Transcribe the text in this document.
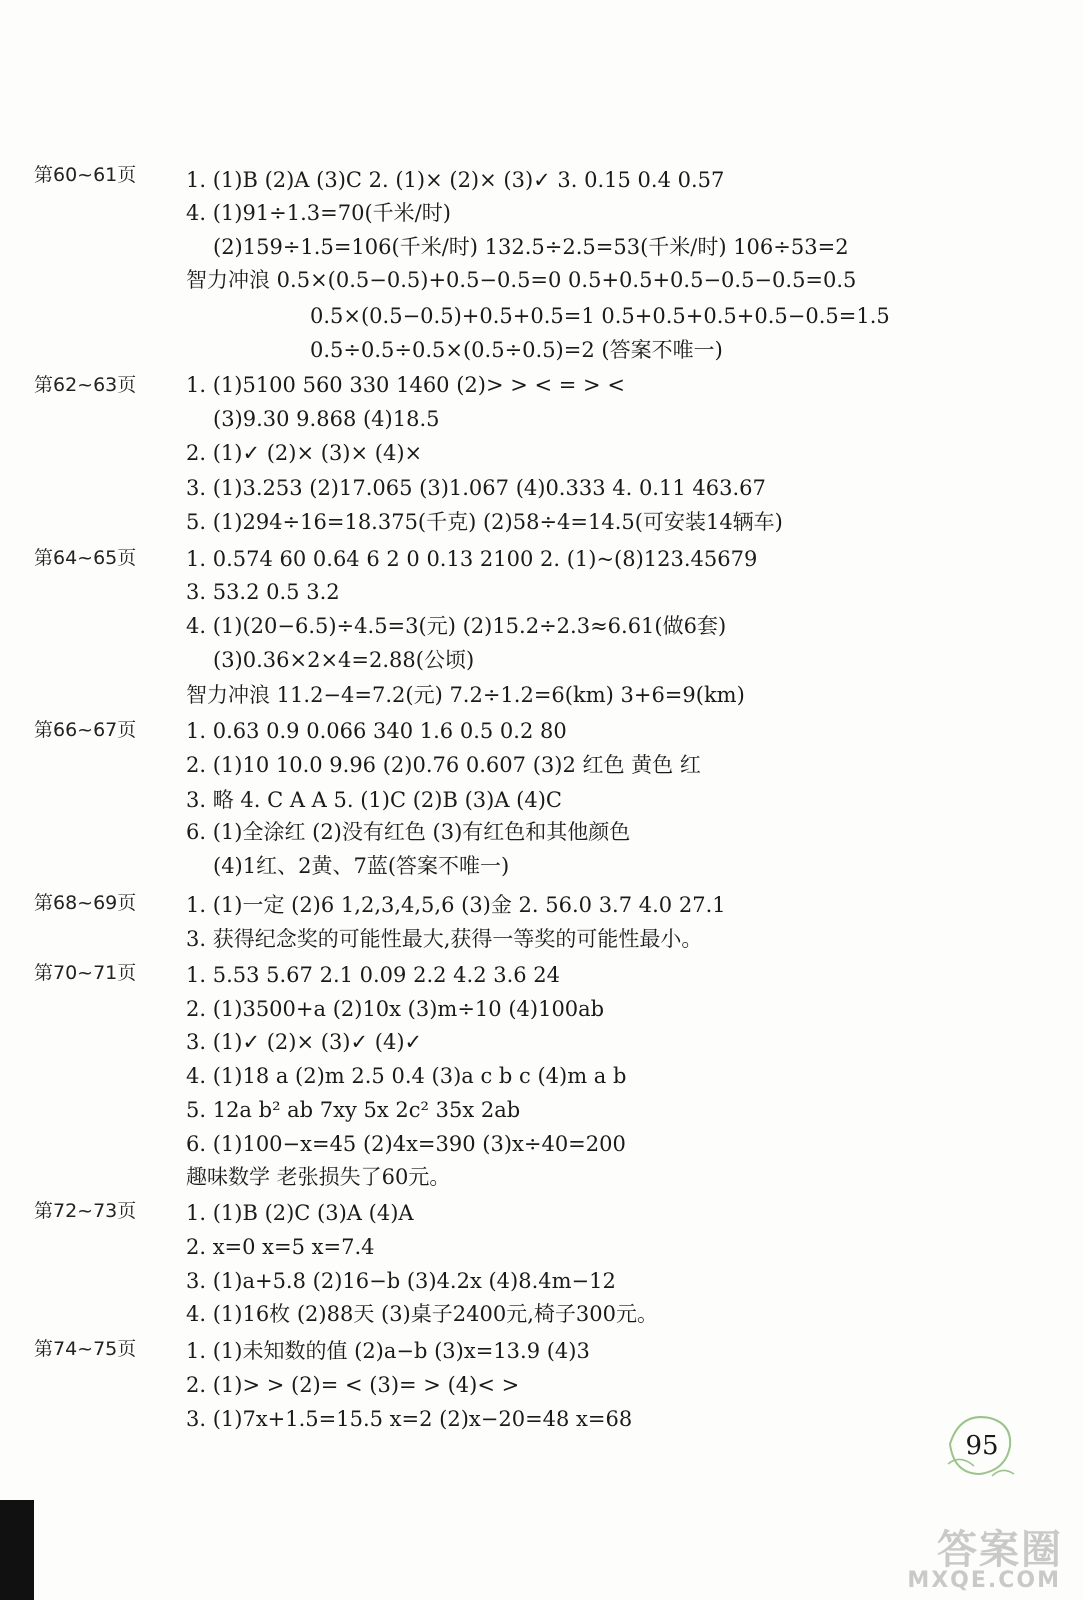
第60~61页
第62~63页
第64~65页
第66~67页
第68~69页
第70~71页
第72~73页
第74~75页
1. (1)B (2)A (3)C 2. (1)× (2)× (3)✓ 3. 0.15 0.4 0.57
4. (1)91÷1.3=70(千米/时)
(2)159÷1.5=106(千米/时) 132.5÷2.5=53(千米/时) 106÷53=2
智力冲浪 0.5×(0.5−0.5)+0.5−0.5=0 0.5+0.5+0.5−0.5−0.5=0.5
0.5×(0.5−0.5)+0.5+0.5=1 0.5+0.5+0.5+0.5−0.5=1.5
0.5÷0.5÷0.5×(0.5÷0.5)=2 (答案不唯一)
1. (1)5100 560 330 1460 (2)> > < = > <
(3)9.30 9.868 (4)18.5
2. (1)✓ (2)× (3)× (4)×
3. (1)3.253 (2)17.065 (3)1.067 (4)0.333 4. 0.11 463.67
5. (1)294÷16=18.375(千克) (2)58÷4=14.5(可安装14辆车)
1. 0.574 60 0.64 6 2 0 0.13 2100 2. (1)~(8)123.45679
3. 53.2 0.5 3.2
4. (1)(20−6.5)÷4.5=3(元) (2)15.2÷2.3≈6.61(做6套)
(3)0.36×2×4=2.88(公顷)
智力冲浪 11.2−4=7.2(元) 7.2÷1.2=6(km) 3+6=9(km)
1. 0.63 0.9 0.066 340 1.6 0.5 0.2 80
2. (1)10 10.0 9.96 (2)0.76 0.607 (3)2 红色 黄色 红
3. 略 4. C A A 5. (1)C (2)B (3)A (4)C
6. (1)全涂红 (2)没有红色 (3)有红色和其他颜色
(4)1红、2黄、7蓝(答案不唯一)
1. (1)一定 (2)6 1,2,3,4,5,6 (3)金 2. 56.0 3.7 4.0 27.1
3. 获得纪念奖的可能性最大,获得一等奖的可能性最小。
1. 5.53 5.67 2.1 0.09 2.2 4.2 3.6 24
2. (1)3500+a (2)10x (3)m÷10 (4)100ab
3. (1)✓ (2)× (3)✓ (4)✓
4. (1)18 a (2)m 2.5 0.4 (3)a c b c (4)m a b
5. 12a b² ab 7xy 5x 2c² 35x 2ab
6. (1)100−x=45 (2)4x=390 (3)x÷40=200
趣味数学 老张损失了60元。
1. (1)B (2)C (3)A (4)A
2. x=0 x=5 x=7.4
3. (1)a+5.8 (2)16−b (3)4.2x (4)8.4m−12
4. (1)16枚 (2)88天 (3)桌子2400元,椅子300元。
1. (1)未知数的值 (2)a−b (3)x=13.9 (4)3
2. (1)> > (2)= < (3)= > (4)< >
3. (1)7x+1.5=15.5 x=2 (2)x−20=48 x=68
95
答案圈
MXQE.COM
